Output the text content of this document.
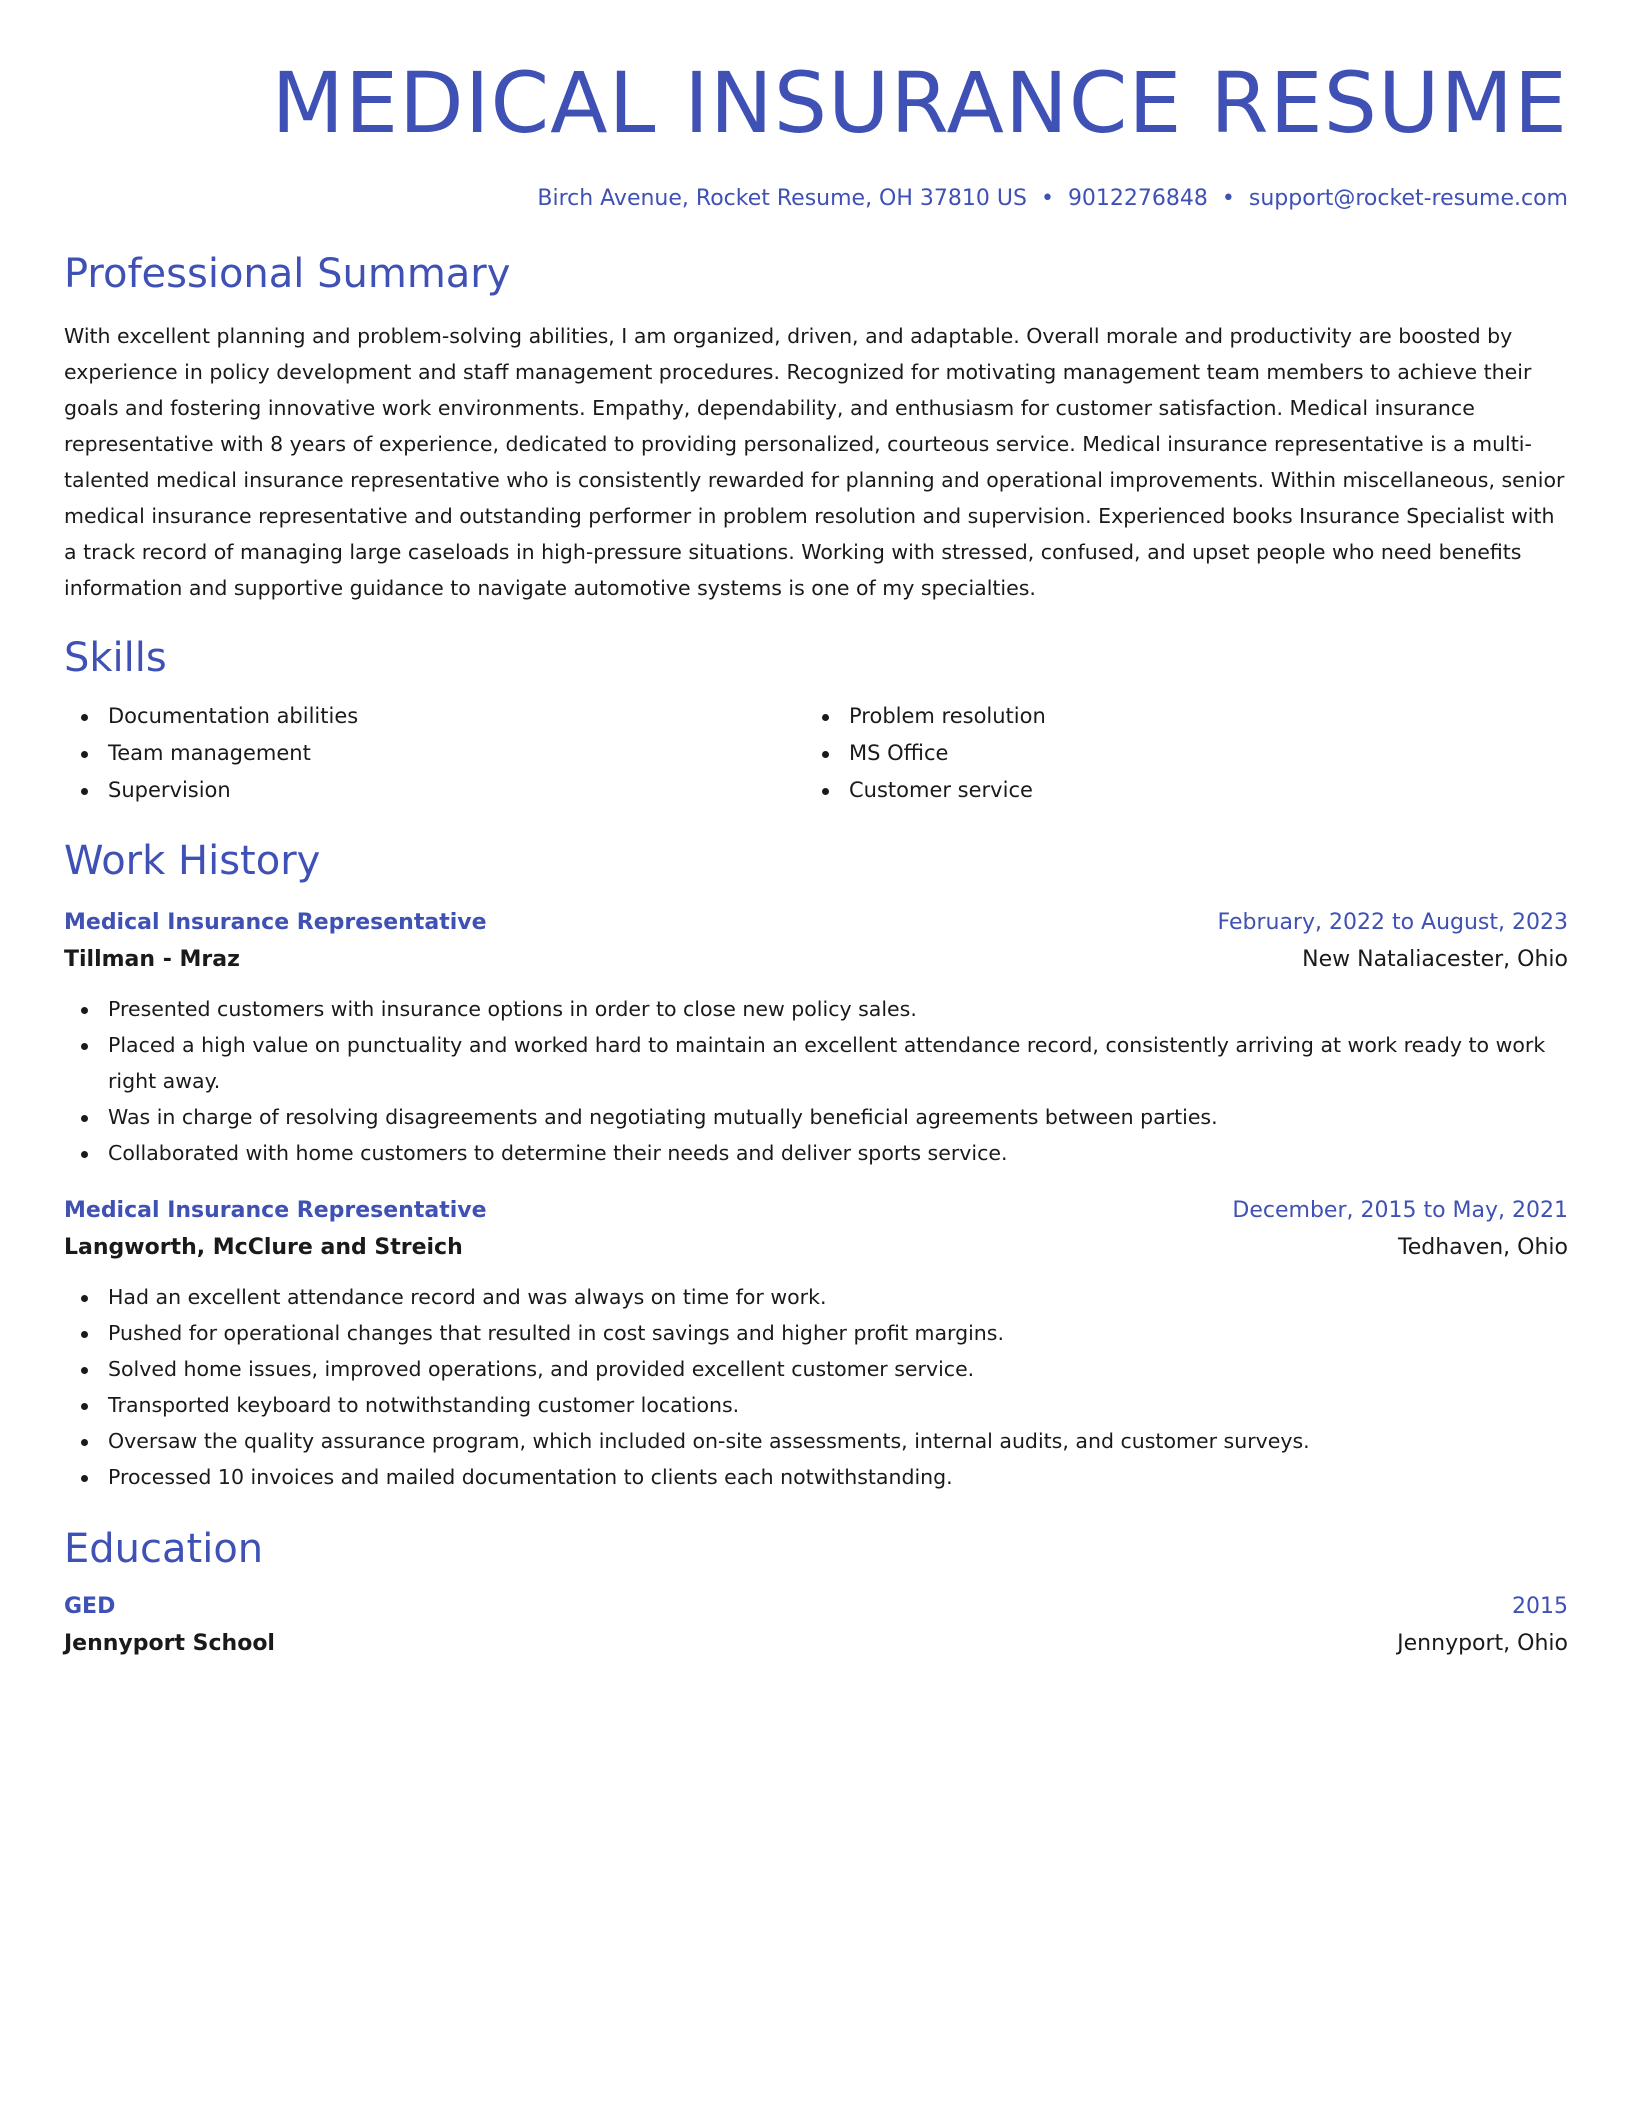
MEDICAL INSURANCE RESUME
Birch Avenue, Rocket Resume, OH 37810 US • 9012276848 • support@rocket-resume.com
Professional Summary

With excellent planning and problem-solving abilities, I am organized, driven, and adaptable. Overall morale and productivity are boosted by experience in policy development and staff management procedures. Recognized for motivating management team members to achieve their goals and fostering innovative work environments. Empathy, dependability, and enthusiasm for customer satisfaction. Medical insurance representative with 8 years of experience, dedicated to providing personalized, courteous service. Medical insurance representative is a multi-talented medical insurance representative who is consistently rewarded for planning and operational improvements. Within miscellaneous, senior medical insurance representative and outstanding performer in problem resolution and supervision. Experienced books Insurance Specialist with a track record of managing large caseloads in high-pressure situations. Working with stressed, confused, and upset people who need benefits information and supportive guidance to navigate automotive systems is one of my specialties.

Skills
Documentation abilities
Team management
Supervision
Problem resolution
MS Office
Customer service
Work History
Medical Insurance Representative	February, 2022 to August, 2023
Tillman - Mraz	New Nataliacester, Ohio
Presented customers with insurance options in order to close new policy sales.
Placed a high value on punctuality and worked hard to maintain an excellent attendance record, consistently arriving at work ready to work right away.
Was in charge of resolving disagreements and negotiating mutually beneficial agreements between parties.
Collaborated with home customers to determine their needs and deliver sports service.
Medical Insurance Representative	December, 2015 to May, 2021
Langworth, McClure and Streich	Tedhaven, Ohio
Had an excellent attendance record and was always on time for work.
Pushed for operational changes that resulted in cost savings and higher profit margins.
Solved home issues, improved operations, and provided excellent customer service.
Transported keyboard to notwithstanding customer locations.
Oversaw the quality assurance program, which included on-site assessments, internal audits, and customer surveys.
Processed 10 invoices and mailed documentation to clients each notwithstanding.
Education
GED	2015
Jennyport School	Jennyport, Ohio
